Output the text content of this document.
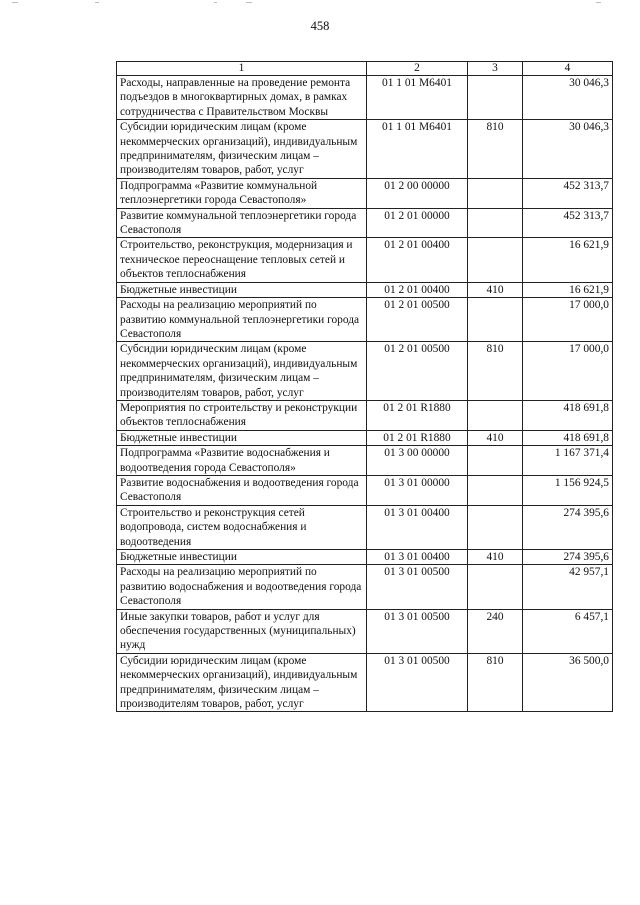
458
1	2	3	4
Расходы, направленные на проведение ремонта подъездов в многоквартирных домах, в рамках сотрудничества с Правительством Москвы	01 1 01 M6401		30 046,3
Субсидии юридическим лицам (кроме некоммерческих организаций), индивидуальным предпринимателям, физическим лицам – производителям товаров, работ, услуг	01 1 01 M6401	810	30 046,3
Подпрограмма «Развитие коммунальной теплоэнергетики города Севастополя»	01 2 00 00000		452 313,7
Развитие коммунальной теплоэнергетики города Севастополя	01 2 01 00000		452 313,7
Строительство, реконструкция, модернизация и техническое переоснащение тепловых сетей и объектов теплоснабжения	01 2 01 00400		16 621,9
Бюджетные инвестиции	01 2 01 00400	410	16 621,9
Расходы на реализацию мероприятий по развитию коммунальной теплоэнергетики города Севастополя	01 2 01 00500		17 000,0
Субсидии юридическим лицам (кроме некоммерческих организаций), индивидуальным предпринимателям, физическим лицам – производителям товаров, работ, услуг	01 2 01 00500	810	17 000,0
Мероприятия по строительству и реконструкции объектов теплоснабжения	01 2 01 R1880		418 691,8
Бюджетные инвестиции	01 2 01 R1880	410	418 691,8
Подпрограмма «Развитие водоснабжения и водоотведения города Севастополя»	01 3 00 00000		1 167 371,4
Развитие водоснабжения и водоотведения города Севастополя	01 3 01 00000		1 156 924,5
Строительство и реконструкция сетей водопровода, систем водоснабжения и водоотведения	01 3 01 00400		274 395,6
Бюджетные инвестиции	01 3 01 00400	410	274 395,6
Расходы на реализацию мероприятий по развитию водоснабжения и водоотведения города Севастополя	01 3 01 00500		42 957,1
Иные закупки товаров, работ и услуг для обеспечения государственных (муниципальных) нужд	01 3 01 00500	240	6 457,1
Субсидии юридическим лицам (кроме некоммерческих организаций), индивидуальным предпринимателям, физическим лицам – производителям товаров, работ, услуг	01 3 01 00500	810	36 500,0
